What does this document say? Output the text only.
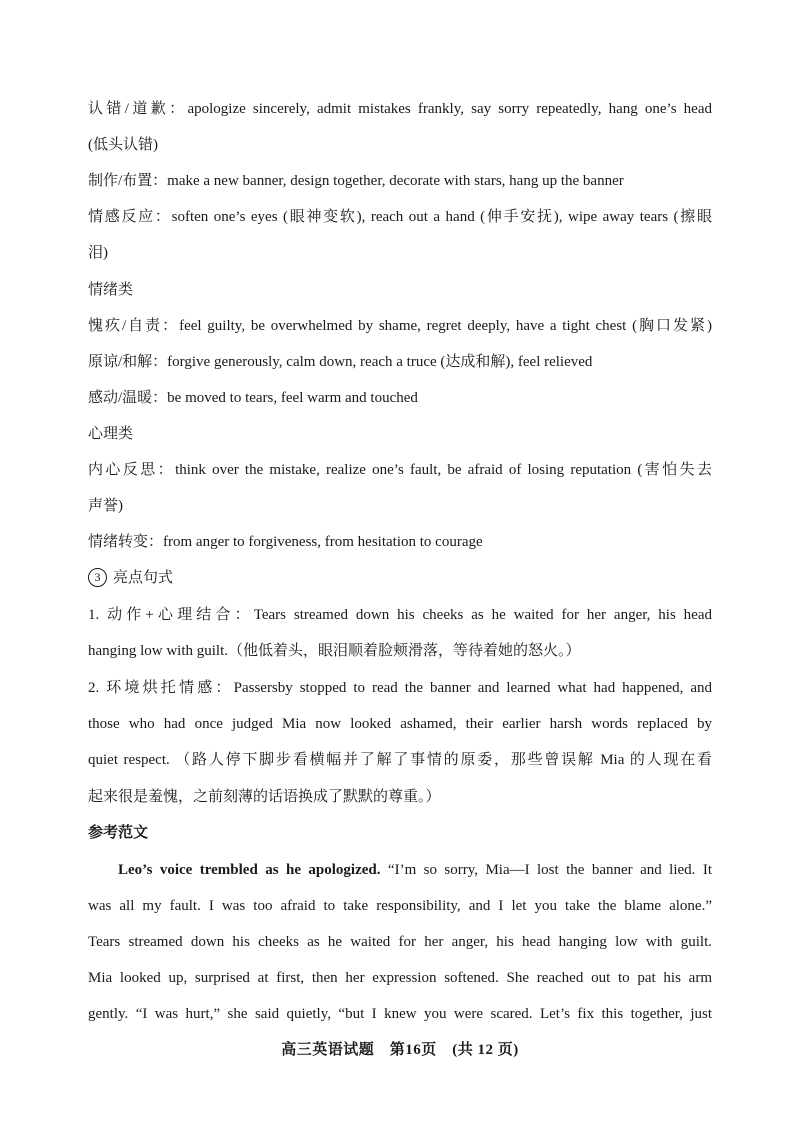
认错/道歉：apologize sincerely, admit mistakes frankly, say sorry repeatedly, hang one’s head
(低头认错)
制作/布置：make a new banner, design together, decorate with stars, hang up the banner
情感反应：soften one’s eyes (眼神变软), reach out a hand (伸手安抚), wipe away tears (擦眼
泪)
情绪类
愧疚/自责：feel guilty, be overwhelmed by shame, regret deeply, have a tight chest (胸口发紧)
原谅/和解：forgive generously, calm down, reach a truce (达成和解), feel relieved
感动/温暖：be moved to tears, feel warm and touched
心理类
内心反思：think over the mistake, realize one’s fault, be afraid of losing reputation (害怕失去
声誉)
情绪转变：from anger to forgiveness, from hesitation to courage
3 亮点句式
1. 动作+心理结合：Tears streamed down his cheeks as he waited for her anger, his head
hanging low with guilt.（他低着头，眼泪顺着脸颊滑落，等待着她的怒火。）
2. 环境烘托情感：Passersby stopped to read the banner and learned what had happened, and
those who had once judged Mia now looked ashamed, their earlier harsh words replaced by
quiet respect. （路人停下脚步看横幅并了解了事情的原委，那些曾误解 Mia 的人现在看
起来很是羞愧，之前刻薄的话语换成了默默的尊重。）
参考范文
Leo’s voice trembled as he apologized. “I’m so sorry, Mia—I lost the banner and lied. It
was all my fault. I was too afraid to take responsibility, and I let you take the blame alone.”
Tears streamed down his cheeks as he waited for her anger, his head hanging low with guilt.
Mia looked up, surprised at first, then her expression softened. She reached out to pat his arm
gently. “I was hurt,” she said quietly, “but I knew you were scared. Let’s fix this together, just
高三英语试题　第16页　(共 12 页)
